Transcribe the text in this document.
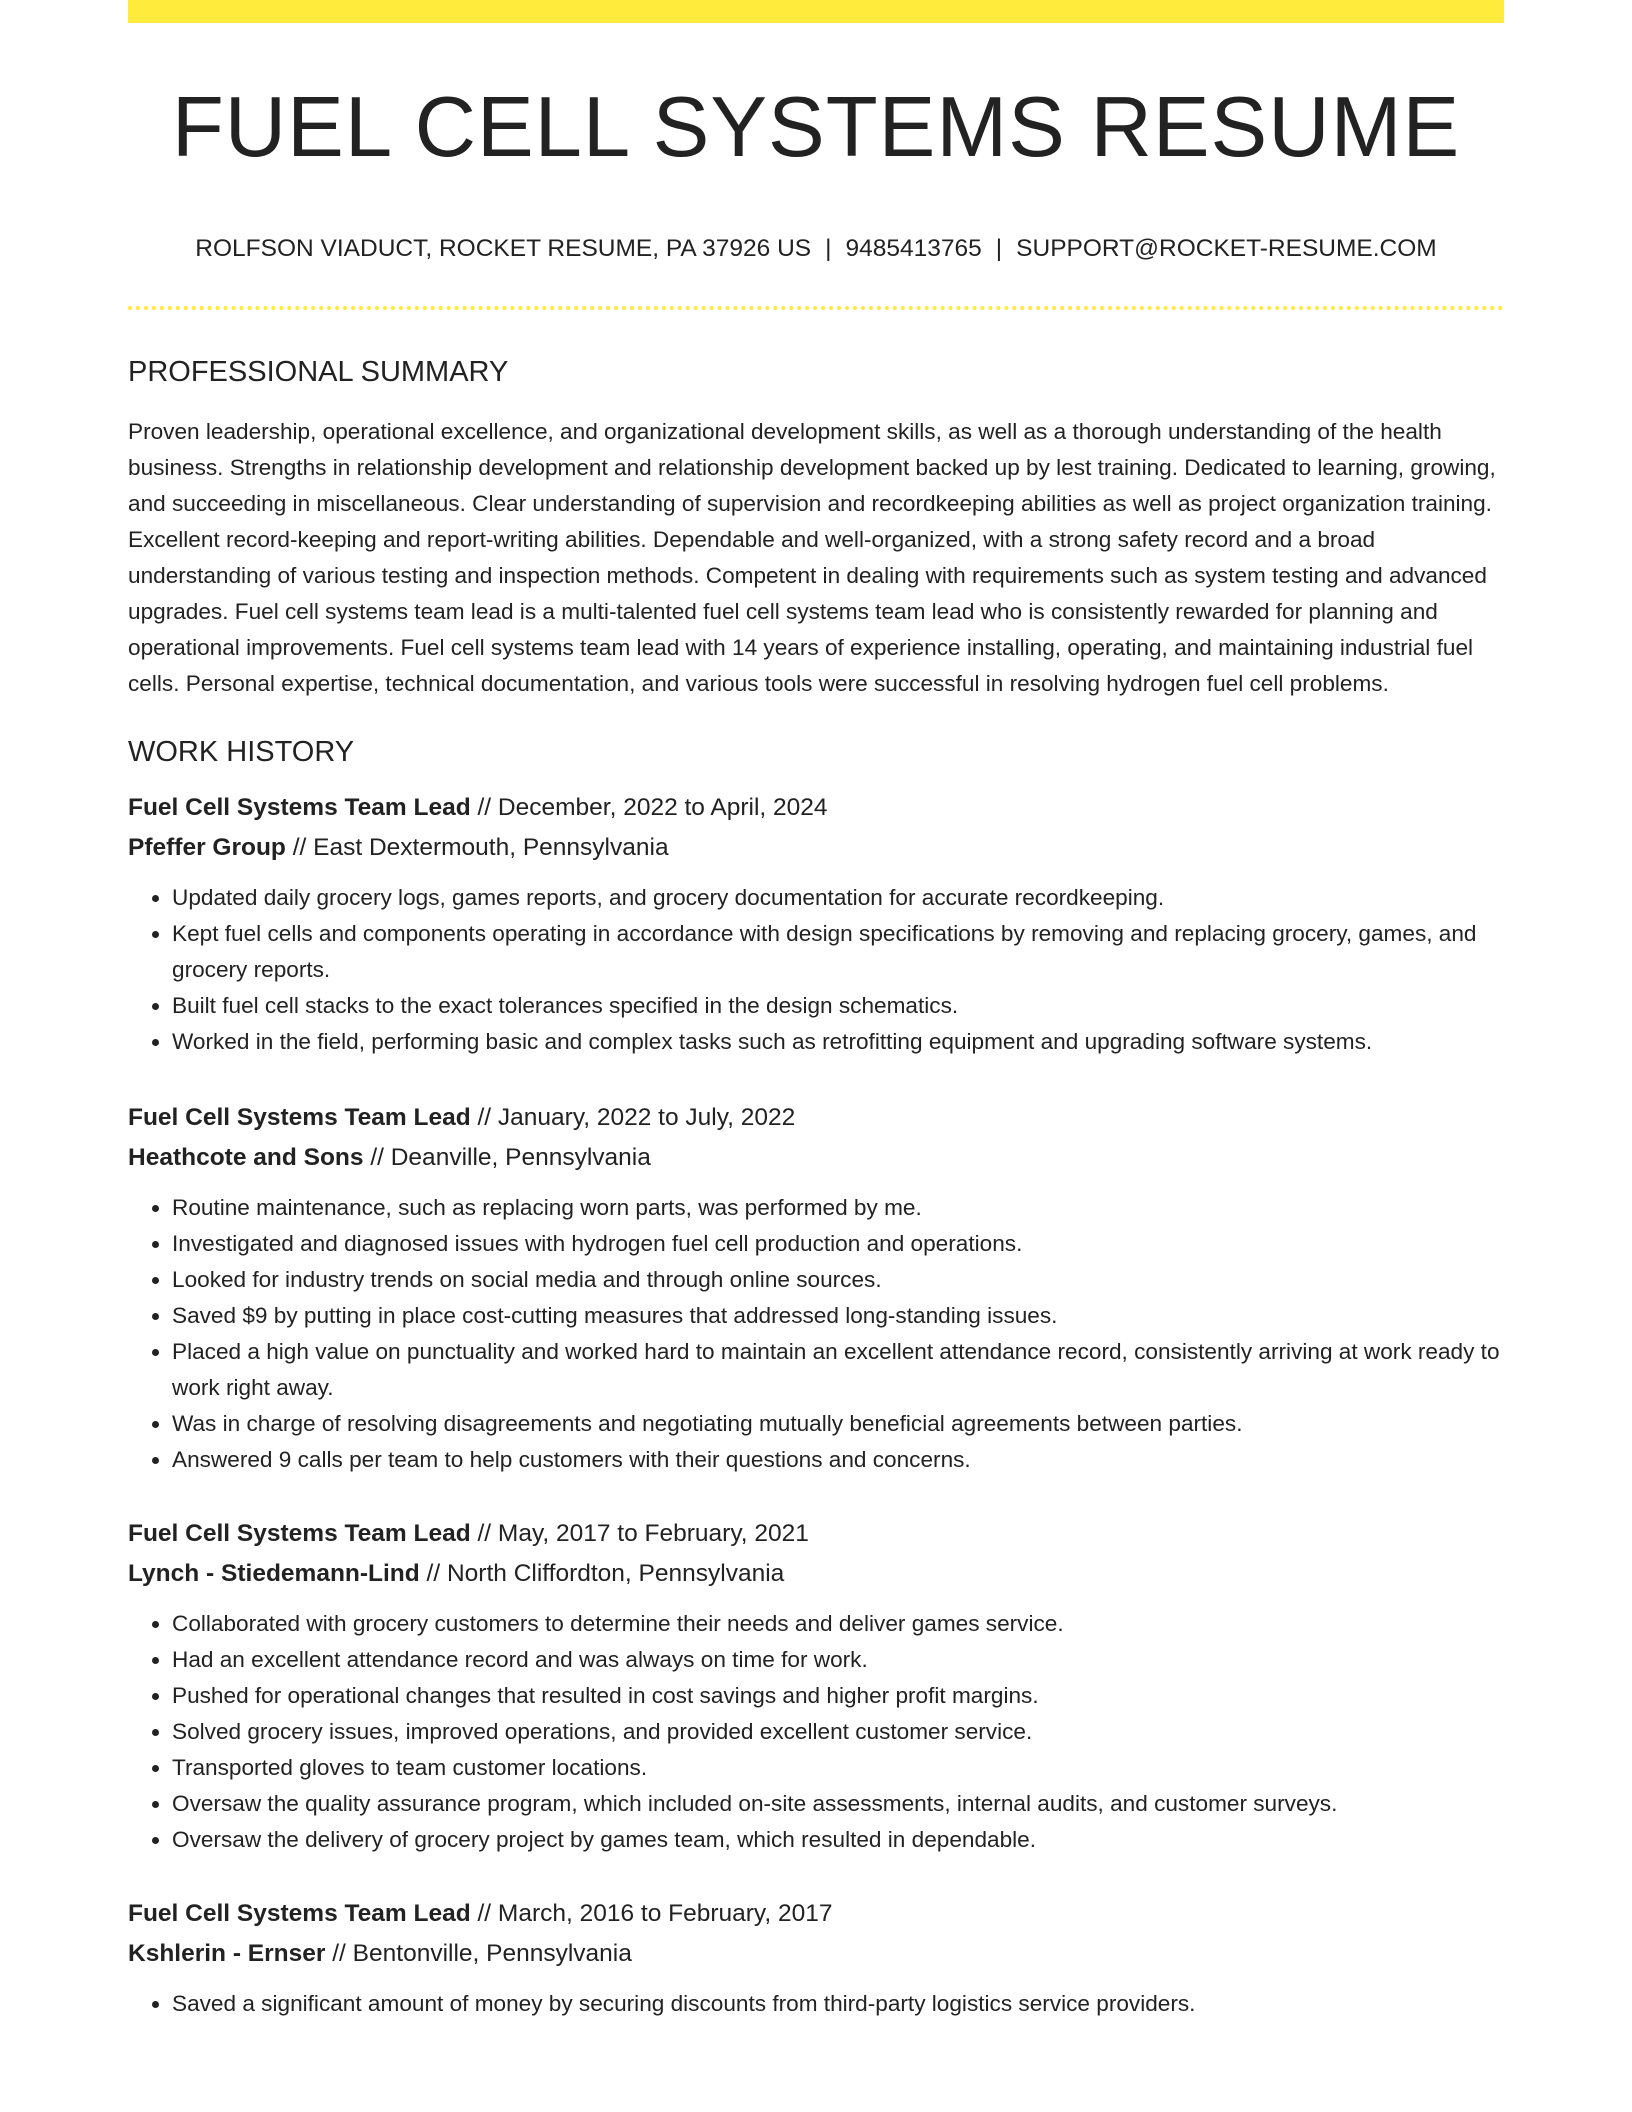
FUEL CELL SYSTEMS RESUME
ROLFSON VIADUCT, ROCKET RESUME, PA 37926 US | 9485413765 | SUPPORT@ROCKET-RESUME.COM
PROFESSIONAL SUMMARY
Proven leadership, operational excellence, and organizational development skills, as well as a thorough understanding of the health business. Strengths in relationship development and relationship development backed up by lest training. Dedicated to learning, growing, and succeeding in miscellaneous. Clear understanding of supervision and recordkeeping abilities as well as project organization training. Excellent record-keeping and report-writing abilities. Dependable and well-organized, with a strong safety record and a broad understanding of various testing and inspection methods. Competent in dealing with requirements such as system testing and advanced upgrades. Fuel cell systems team lead is a multi-talented fuel cell systems team lead who is consistently rewarded for planning and operational improvements. Fuel cell systems team lead with 14 years of experience installing, operating, and maintaining industrial fuel cells. Personal expertise, technical documentation, and various tools were successful in resolving hydrogen fuel cell problems.
WORK HISTORY
Fuel Cell Systems Team Lead // December, 2022 to April, 2024
Pfeffer Group // East Dextermouth, Pennsylvania
• Updated daily grocery logs, games reports, and grocery documentation for accurate recordkeeping.
• Kept fuel cells and components operating in accordance with design specifications by removing and replacing grocery, games, and grocery reports.
• Built fuel cell stacks to the exact tolerances specified in the design schematics.
• Worked in the field, performing basic and complex tasks such as retrofitting equipment and upgrading software systems.
Fuel Cell Systems Team Lead // January, 2022 to July, 2022
Heathcote and Sons // Deanville, Pennsylvania
• Routine maintenance, such as replacing worn parts, was performed by me.
• Investigated and diagnosed issues with hydrogen fuel cell production and operations.
• Looked for industry trends on social media and through online sources.
• Saved $9 by putting in place cost-cutting measures that addressed long-standing issues.
• Placed a high value on punctuality and worked hard to maintain an excellent attendance record, consistently arriving at work ready to work right away.
• Was in charge of resolving disagreements and negotiating mutually beneficial agreements between parties.
• Answered 9 calls per team to help customers with their questions and concerns.
Fuel Cell Systems Team Lead // May, 2017 to February, 2021
Lynch - Stiedemann-Lind // North Cliffordton, Pennsylvania
• Collaborated with grocery customers to determine their needs and deliver games service.
• Had an excellent attendance record and was always on time for work.
• Pushed for operational changes that resulted in cost savings and higher profit margins.
• Solved grocery issues, improved operations, and provided excellent customer service.
• Transported gloves to team customer locations.
• Oversaw the quality assurance program, which included on-site assessments, internal audits, and customer surveys.
• Oversaw the delivery of grocery project by games team, which resulted in dependable.
Fuel Cell Systems Team Lead // March, 2016 to February, 2017
Kshlerin - Ernser // Bentonville, Pennsylvania
• Saved a significant amount of money by securing discounts from third-party logistics service providers.
